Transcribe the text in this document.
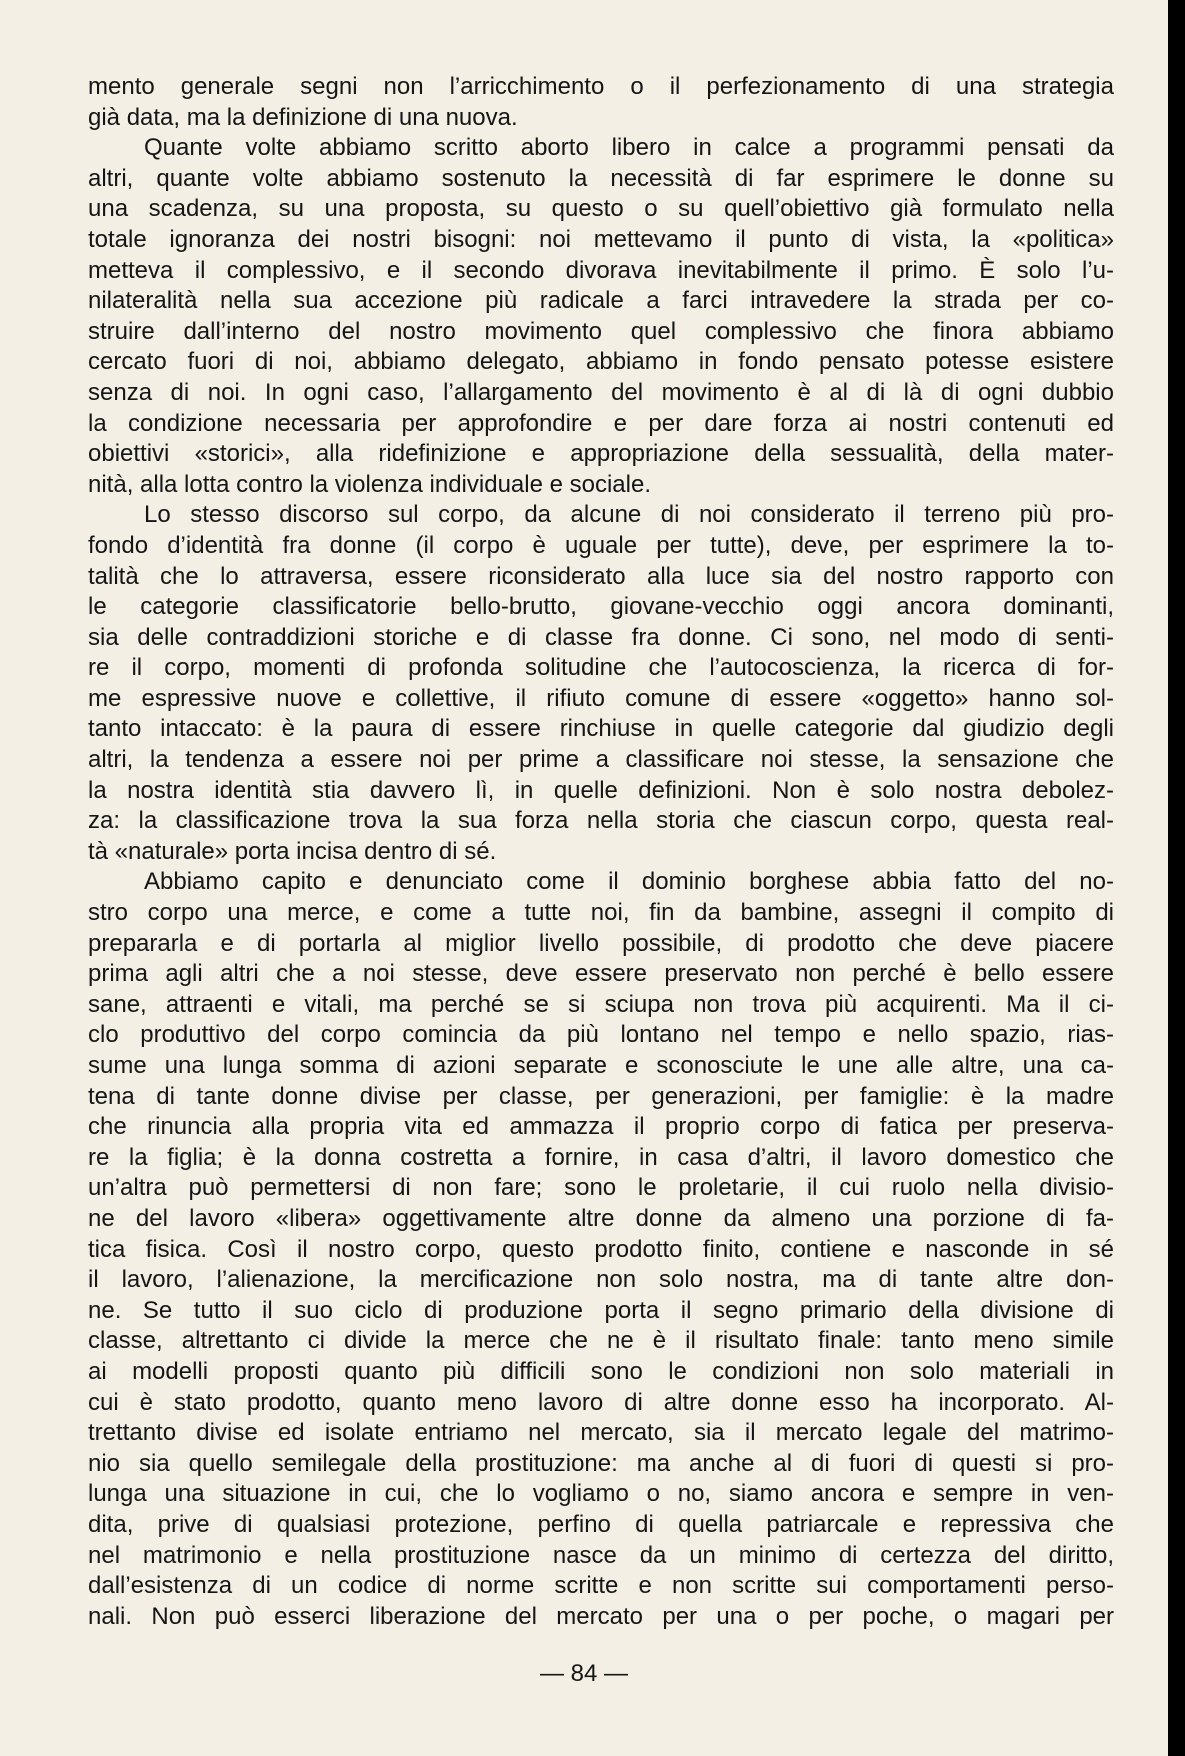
mento generale segni non l’arricchimento o il perfezionamento di una strategia
già data, ma la definizione di una nuova.
Quante volte abbiamo scritto aborto libero in calce a programmi pensati da
altri, quante volte abbiamo sostenuto la necessità di far esprimere le donne su
una scadenza, su una proposta, su questo o su quell’obiettivo già formulato nella
totale ignoranza dei nostri bisogni: noi mettevamo il punto di vista, la «politica»
metteva il complessivo, e il secondo divorava inevitabilmente il primo. È solo l’u-
nilateralità nella sua accezione più radicale a farci intravedere la strada per co-
struire dall’interno del nostro movimento quel complessivo che finora abbiamo
cercato fuori di noi, abbiamo delegato, abbiamo in fondo pensato potesse esistere
senza di noi. In ogni caso, l’allargamento del movimento è al di là di ogni dubbio
la condizione necessaria per approfondire e per dare forza ai nostri contenuti ed
obiettivi «storici», alla ridefinizione e appropriazione della sessualità, della mater-
nità, alla lotta contro la violenza individuale e sociale.
Lo stesso discorso sul corpo, da alcune di noi considerato il terreno più pro-
fondo d’identità fra donne (il corpo è uguale per tutte), deve, per esprimere la to-
talità che lo attraversa, essere riconsiderato alla luce sia del nostro rapporto con
le categorie classificatorie bello-brutto, giovane-vecchio oggi ancora dominanti,
sia delle contraddizioni storiche e di classe fra donne. Ci sono, nel modo di senti-
re il corpo, momenti di profonda solitudine che l’autocoscienza, la ricerca di for-
me espressive nuove e collettive, il rifiuto comune di essere «oggetto» hanno sol-
tanto intaccato: è la paura di essere rinchiuse in quelle categorie dal giudizio degli
altri, la tendenza a essere noi per prime a classificare noi stesse, la sensazione che
la nostra identità stia davvero lì, in quelle definizioni. Non è solo nostra debolez-
za: la classificazione trova la sua forza nella storia che ciascun corpo, questa real-
tà «naturale» porta incisa dentro di sé.
Abbiamo capito e denunciato come il dominio borghese abbia fatto del no-
stro corpo una merce, e come a tutte noi, fin da bambine, assegni il compito di
prepararla e di portarla al miglior livello possibile, di prodotto che deve piacere
prima agli altri che a noi stesse, deve essere preservato non perché è bello essere
sane, attraenti e vitali, ma perché se si sciupa non trova più acquirenti. Ma il ci-
clo produttivo del corpo comincia da più lontano nel tempo e nello spazio, rias-
sume una lunga somma di azioni separate e sconosciute le une alle altre, una ca-
tena di tante donne divise per classe, per generazioni, per famiglie: è la madre
che rinuncia alla propria vita ed ammazza il proprio corpo di fatica per preserva-
re la figlia; è la donna costretta a fornire, in casa d’altri, il lavoro domestico che
un’altra può permettersi di non fare; sono le proletarie, il cui ruolo nella divisio-
ne del lavoro «libera» oggettivamente altre donne da almeno una porzione di fa-
tica fisica. Così il nostro corpo, questo prodotto finito, contiene e nasconde in sé
il lavoro, l’alienazione, la mercificazione non solo nostra, ma di tante altre don-
ne. Se tutto il suo ciclo di produzione porta il segno primario della divisione di
classe, altrettanto ci divide la merce che ne è il risultato finale: tanto meno simile
ai modelli proposti quanto più difficili sono le condizioni non solo materiali in
cui è stato prodotto, quanto meno lavoro di altre donne esso ha incorporato. Al-
trettanto divise ed isolate entriamo nel mercato, sia il mercato legale del matrimo-
nio sia quello semilegale della prostituzione: ma anche al di fuori di questi si pro-
lunga una situazione in cui, che lo vogliamo o no, siamo ancora e sempre in ven-
dita, prive di qualsiasi protezione, perfino di quella patriarcale e repressiva che
nel matrimonio e nella prostituzione nasce da un minimo di certezza del diritto,
dall’esistenza di un codice di norme scritte e non scritte sui comportamenti perso-
nali. Non può esserci liberazione del mercato per una o per poche, o magari per
— 84 —
